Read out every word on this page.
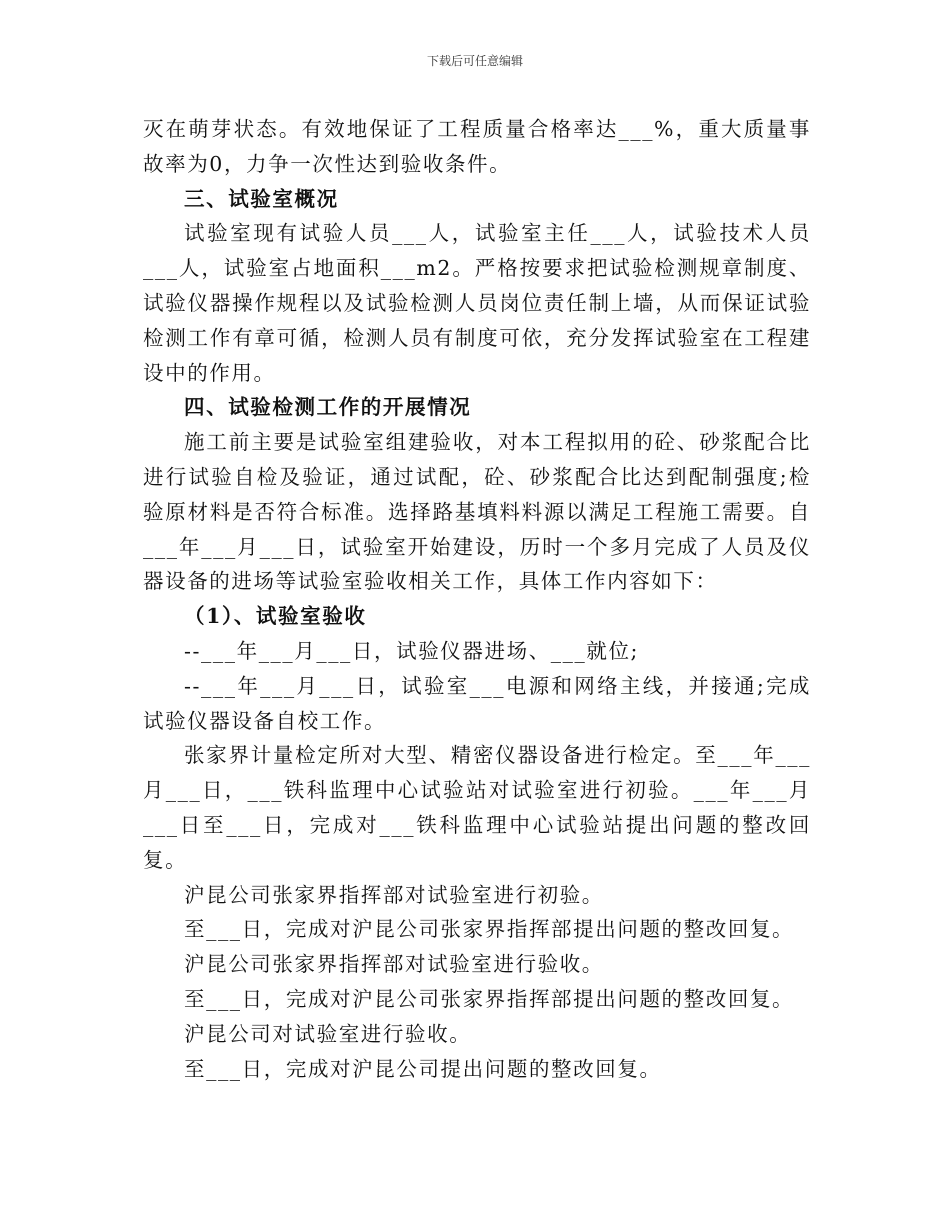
下载后可任意编辑

灭在萌芽状态。有效地保证了工程质量合格率达___%，重大质量事故率为0，力争一次性达到验收条件。

三、试验室概况

试验室现有试验人员___人，试验室主任___人，试验技术人员___人，试验室占地面积___m2。严格按要求把试验检测规章制度、试验仪器操作规程以及试验检测人员岗位责任制上墙，从而保证试验检测工作有章可循，检测人员有制度可依，充分发挥试验室在工程建设中的作用。

四、试验检测工作的开展情况

施工前主要是试验室组建验收，对本工程拟用的砼、砂浆配合比进行试验自检及验证，通过试配，砼、砂浆配合比达到配制强度;检验原材料是否符合标准。选择路基填料料源以满足工程施工需要。自___年___月___日，试验室开始建设，历时一个多月完成了人员及仪器设备的进场等试验室验收相关工作，具体工作内容如下：

（1）、试验室验收

--___年___月___日，试验仪器进场、___就位;

--___年___月___日，试验室___电源和网络主线，并接通;完成试验仪器设备自校工作。

张家界计量检定所对大型、精密仪器设备进行检定。至___年___月___日，___铁科监理中心试验站对试验室进行初验。___年___月___日至___日，完成对___铁科监理中心试验站提出问题的整改回复。

沪昆公司张家界指挥部对试验室进行初验。

至___日，完成对沪昆公司张家界指挥部提出问题的整改回复。

沪昆公司张家界指挥部对试验室进行验收。

至___日，完成对沪昆公司张家界指挥部提出问题的整改回复。

沪昆公司对试验室进行验收。

至___日，完成对沪昆公司提出问题的整改回复。
